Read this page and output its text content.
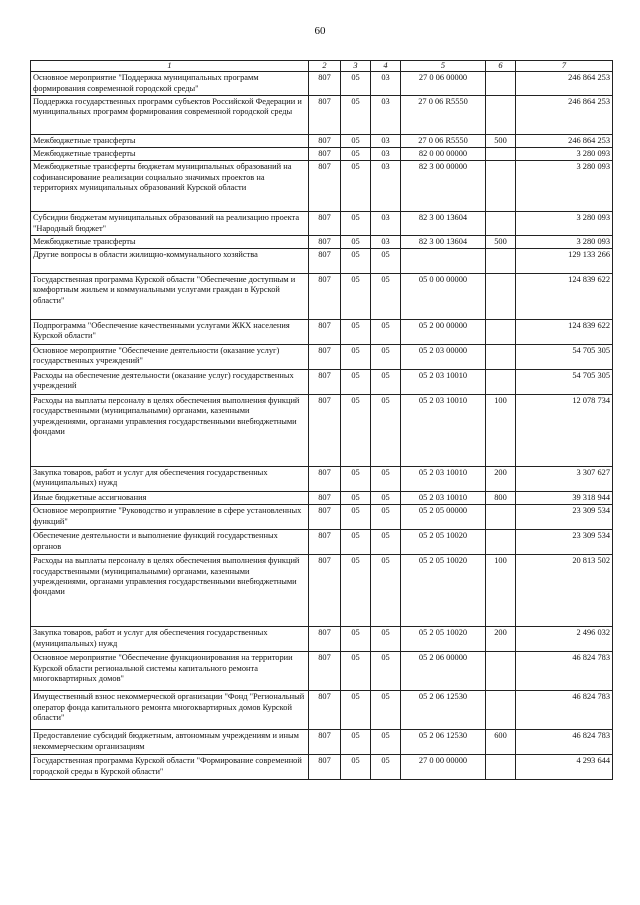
60
1	2	3	4	5	6	7
Основное мероприятие "Поддержка муниципальных программ формирования современной городской среды"	807	05	03	27 0 06 00000		246 864 253
Поддержка государственных программ субъектов Российской Федерации и муниципальных программ формирования современной городской среды	807	05	03	27 0 06 R5550		246 864 253
Межбюджетные трансферты	807	05	03	27 0 06 R5550	500	246 864 253
Межбюджетные трансферты	807	05	03	82 0 00 00000		3 280 093
Межбюджетные трансферты бюджетам муниципальных образований на софинансирование реализации социально значимых проектов на территориях муниципальных образований Курской области	807	05	03	82 3 00 00000		3 280 093
Субсидии бюджетам муниципальных образований на реализацию проекта "Народный бюджет"	807	05	03	82 3 00 13604		3 280 093
Межбюджетные трансферты	807	05	03	82 3 00 13604	500	3 280 093
Другие вопросы в области жилищно-коммунального хозяйства	807	05	05			129 133 266
Государственная программа Курской области "Обеспечение доступным и комфортным жильем и коммунальными услугами граждан в Курской области"	807	05	05	05 0 00 00000		124 839 622
Подпрограмма "Обеспечение качественными услугами ЖКХ населения Курской области"	807	05	05	05 2 00 00000		124 839 622
Основное мероприятие "Обеспечение деятельности (оказание услуг) государственных учреждений"	807	05	05	05 2 03 00000		54 705 305
Расходы на обеспечение деятельности (оказание услуг) государственных учреждений	807	05	05	05 2 03 10010		54 705 305
Расходы на выплаты персоналу в целях обеспечения выполнения функций государственными (муниципальными) органами, казенными учреждениями, органами управления государственными внебюджетными фондами	807	05	05	05 2 03 10010	100	12 078 734
Закупка товаров, работ и услуг для обеспечения государственных (муниципальных) нужд	807	05	05	05 2 03 10010	200	3 307 627
Иные бюджетные ассигнования	807	05	05	05 2 03 10010	800	39 318 944
Основное мероприятие "Руководство и управление в сфере установленных функций"	807	05	05	05 2 05 00000		23 309 534
Обеспечение деятельности и выполнение функций государственных органов	807	05	05	05 2 05 10020		23 309 534
Расходы на выплаты персоналу в целях обеспечения выполнения функций государственными (муниципальными) органами, казенными учреждениями, органами управления государственными внебюджетными фондами	807	05	05	05 2 05 10020	100	20 813 502
Закупка товаров, работ и услуг для обеспечения государственных (муниципальных) нужд	807	05	05	05 2 05 10020	200	2 496 032
Основное мероприятие "Обеспечение функционирования на территории Курской области региональной системы капитального ремонта многоквартирных домов"	807	05	05	05 2 06 00000		46 824 783
Имущественный взнос некоммерческой организации "Фонд "Региональный оператор фонда капитального ремонта многоквартирных домов Курской области"	807	05	05	05 2 06 12530		46 824 783
Предоставление субсидий бюджетным, автономным учреждениям и иным некоммерческим организациям	807	05	05	05 2 06 12530	600	46 824 783
Государственная программа Курской области "Формирование современной городской среды в Курской области"	807	05	05	27 0 00 00000		4 293 644
